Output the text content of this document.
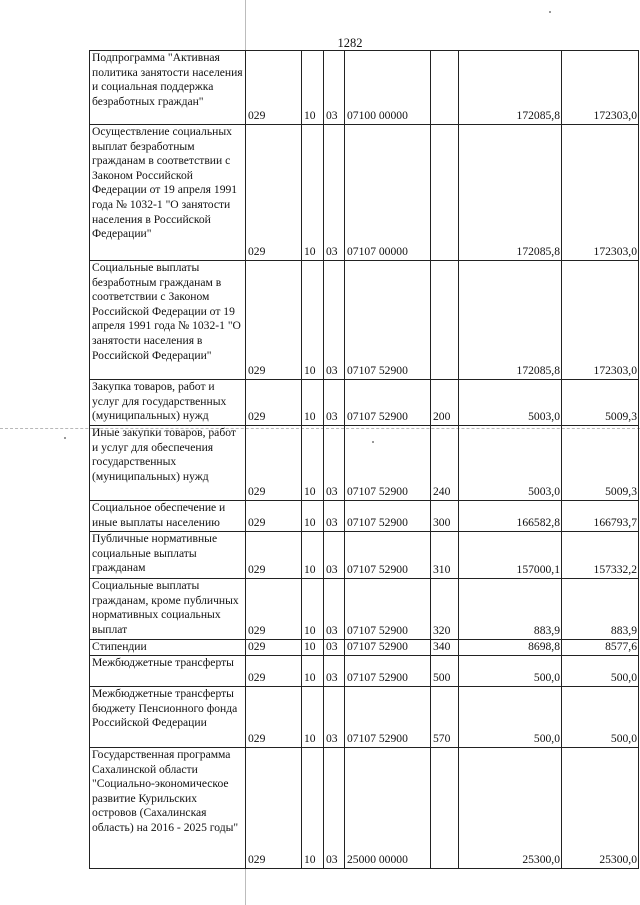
1282
Подпрограмма "Активная политика занятости населения и социальная поддержка безработных граждан"	029	10	03	07100 00000		172085,8	172303,0
Осуществление социальных выплат безработным гражданам в соответствии с Законом Российской Федерации от 19 апреля 1991 года № 1032-1 "О занятости населения в Российской Федерации"	029	10	03	07107 00000		172085,8	172303,0
Социальные выплаты безработным гражданам в соответствии с Законом Российской Федерации от 19 апреля 1991 года № 1032-1 "О занятости населения в Российской Федерации"	029	10	03	07107 52900		172085,8	172303,0
Закупка товаров, работ и услуг для государственных (муниципальных) нужд	029	10	03	07107 52900	200	5003,0	5009,3
Иные закупки товаров, работ и услуг для обеспечения государственных (муниципальных) нужд	029	10	03	07107 52900	240	5003,0	5009,3
Социальное обеспечение и иные выплаты населению	029	10	03	07107 52900	300	166582,8	166793,7
Публичные нормативные социальные выплаты гражданам	029	10	03	07107 52900	310	157000,1	157332,2
Социальные выплаты гражданам, кроме публичных нормативных социальных выплат	029	10	03	07107 52900	320	883,9	883,9
Стипендии	029	10	03	07107 52900	340	8698,8	8577,6
Межбюджетные трансферты	029	10	03	07107 52900	500	500,0	500,0
Межбюджетные трансферты бюджету Пенсионного фонда Российской Федерации	029	10	03	07107 52900	570	500,0	500,0
Государственная программа Сахалинской области "Социально-экономическое развитие Курильских островов (Сахалинская область) на 2016 - 2025 годы"	029	10	03	25000 00000		25300,0	25300,0
